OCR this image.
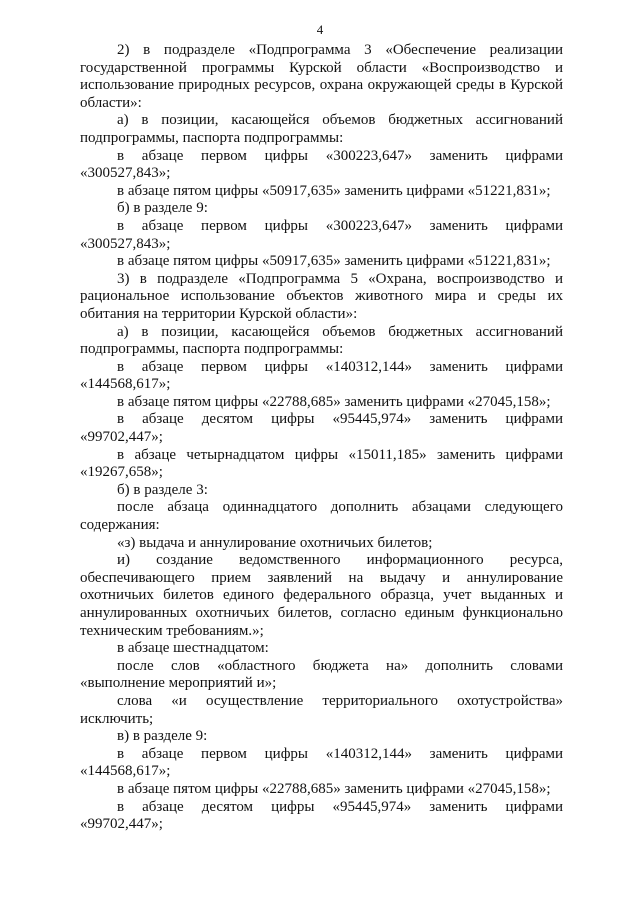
4

2) в подразделе «Подпрограмма 3 «Обеспечение реализации государственной программы Курской области «Воспроизводство и использование природных ресурсов, охрана окружающей среды в Курской области»:

а) в позиции, касающейся объемов бюджетных ассигнований подпрограммы, паспорта подпрограммы:

в абзаце первом цифры «300223,647» заменить цифрами «300527,843»;

в абзаце пятом цифры «50917,635» заменить цифрами «51221,831»;

б) в разделе 9:

в абзаце первом цифры «300223,647» заменить цифрами «300527,843»;

в абзаце пятом цифры «50917,635» заменить цифрами «51221,831»;

3) в подразделе «Подпрограмма 5 «Охрана, воспроизводство и рациональное использование объектов животного мира и среды их обитания на территории Курской области»:

а) в позиции, касающейся объемов бюджетных ассигнований подпрограммы, паспорта подпрограммы:

в абзаце первом цифры «140312,144» заменить цифрами «144568,617»;

в абзаце пятом цифры «22788,685» заменить цифрами «27045,158»;

в абзаце десятом цифры «95445,974» заменить цифрами «99702,447»;

в абзаце четырнадцатом цифры «15011,185» заменить цифрами «19267,658»;

б) в разделе 3:

после абзаца одиннадцатого дополнить абзацами следующего содержания:

«з) выдача и аннулирование охотничьих билетов;

и) создание ведомственного информационного ресурса, обеспечивающего прием заявлений на выдачу и аннулирование охотничьих билетов единого федерального образца, учет выданных и аннулированных охотничьих билетов, согласно единым функционально техническим требованиям.»;

в абзаце шестнадцатом:

после слов «областного бюджета на» дополнить словами «выполнение мероприятий и»;

слова «и осуществление территориального охотустройства» исключить;

в) в разделе 9:

в абзаце первом цифры «140312,144» заменить цифрами «144568,617»;

в абзаце пятом цифры «22788,685» заменить цифрами «27045,158»;

в абзаце десятом цифры «95445,974» заменить цифрами «99702,447»;
